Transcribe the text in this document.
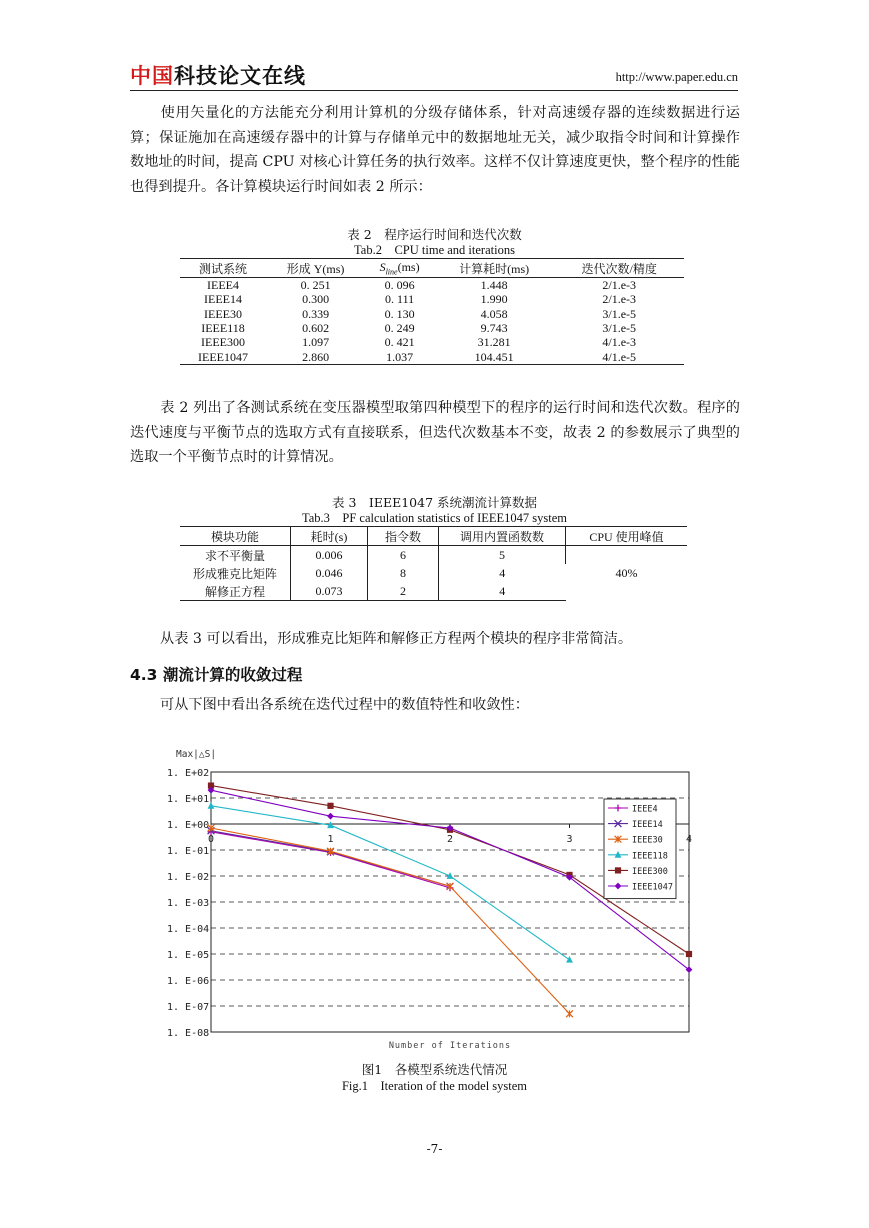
中国科技论文在线	http://www.paper.edu.cn

使用矢量化的方法能充分利用计算机的分级存储体系，针对高速缓存器的连续数据进行运算；保证施加在高速缓存器中的计算与存储单元中的数据地址无关，减少取指令时间和计算操作数地址的时间，提高 CPU 对核心计算任务的执行效率。这样不仅计算速度更快，整个程序的性能也得到提升。各计算模块运行时间如表 2 所示：

表 2　程序运行时间和迭代次数
Tab.2　CPU time and iterations
测试系统	形成 Y(ms)	$S_{line}(ms)$	计算耗时(ms)	迭代次数/精度
IEEE4	0. 251	0. 096	1.448	2/1.e-3
IEEE14	0.300	0. 111	1.990	2/1.e-3
IEEE30	0.339	0. 130	4.058	3/1.e-5
IEEE118	0.602	0. 249	9.743	3/1.e-5
IEEE300	1.097	0. 421	31.281	4/1.e-3
IEEE1047	2.860	1.037	104.451	4/1.e-5

表 2 列出了各测试系统在变压器模型取第四种模型下的程序的运行时间和迭代次数。程序的迭代速度与平衡节点的选取方式有直接联系，但迭代次数基本不变，故表 2 的参数展示了典型的选取一个平衡节点时的计算情况。

表 3　IEEE1047 系统潮流计算数据
Tab.3　PF calculation statistics of IEEE1047 system
模块功能	耗时(s)	指令数	调用内置函数数	CPU 使用峰值
求不平衡量	0.006	6	5	40%
形成雅克比矩阵	0.046	8	4	
解修正方程	0.073	2	4	

从表 3 可以看出，形成雅克比矩阵和解修正方程两个模块的程序非常简洁。

4.3 潮流计算的收敛过程

可从下图中看出各系统在迭代过程中的数值特性和收敛性：

1. E+02
1. E+01
1. E+00
1. E-01
1. E-02
1. E-03
1. E-04
1. E-05
1. E-06
1. E-07
1. E-08
0	1	2	3	4
Max|△S|
Number of Iterations
IEEE4
IEEE14
IEEE30
IEEE118
IEEE300
IEEE1047
图1　各模型系统迭代情况
Fig.1　Iteration of the model system
-7-
